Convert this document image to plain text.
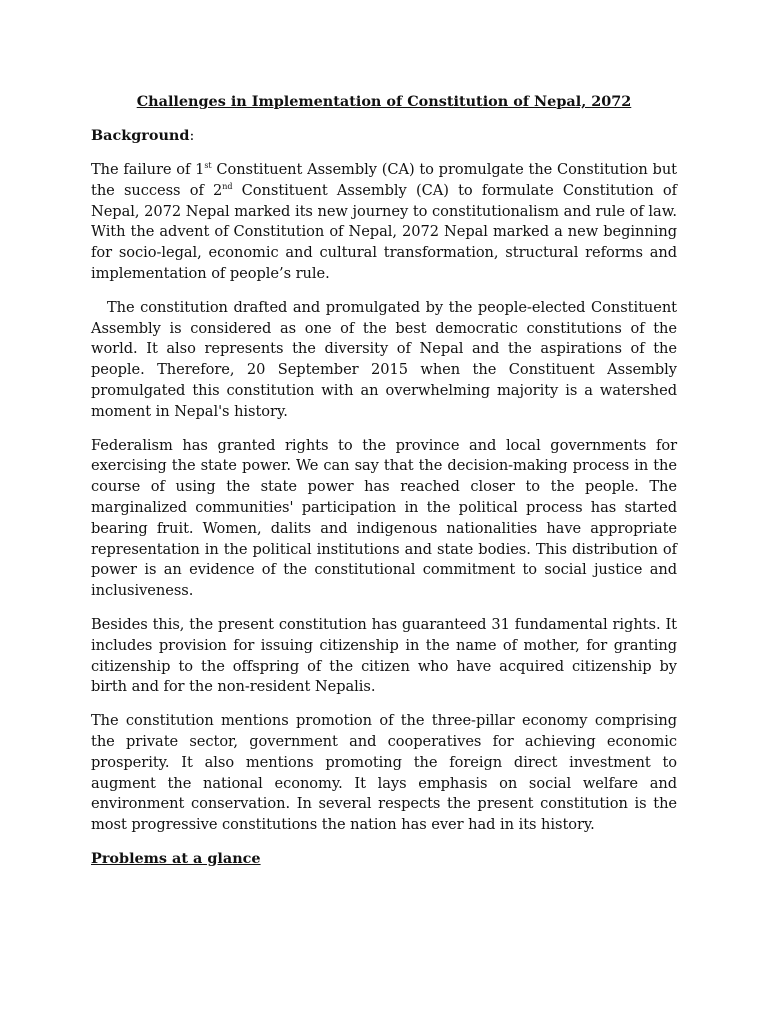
Challenges in Implementation of Constitution of Nepal, 2072
Background:

The failure of 1st Constituent Assembly (CA) to promulgate the Constitution but the success of 2nd Constituent Assembly (CA) to formulate Constitution of Nepal, 2072 Nepal marked its new journey to constitutionalism and rule of law. With the advent of Constitution of Nepal, 2072 Nepal marked a new beginning for socio-legal, economic and cultural transformation, structural reforms and implementation of people’s rule.

The constitution drafted and promulgated by the people-elected Constituent Assembly is considered as one of the best democratic constitutions of the world. It also represents the diversity of Nepal and the aspirations of the people. Therefore, 20 September 2015 when the Constituent Assembly promulgated this constitution with an overwhelming majority is a watershed moment in Nepal's history.

Federalism has granted rights to the province and local governments for exercising the state power. We can say that the decision-making process in the course of using the state power has reached closer to the people. The marginalized communities' participation in the political process has started bearing fruit. Women, dalits and indigenous nationalities have appropriate representation in the political institutions and state bodies. This distribution of power is an evidence of the constitutional commitment to social justice and inclusiveness.

Besides this, the present constitution has guaranteed 31 fundamental rights. It includes provision for issuing citizenship in the name of mother, for granting citizenship to the offspring of the citizen who have acquired citizenship by birth and for the non-resident Nepalis.

The constitution mentions promotion of the three-pillar economy comprising the private sector, government and cooperatives for achieving economic prosperity. It also mentions promoting the foreign direct investment to augment the national economy. It lays emphasis on social welfare and environment conservation. In several respects the present constitution is the most progressive constitutions the nation has ever had in its history.

Problems at a glance
